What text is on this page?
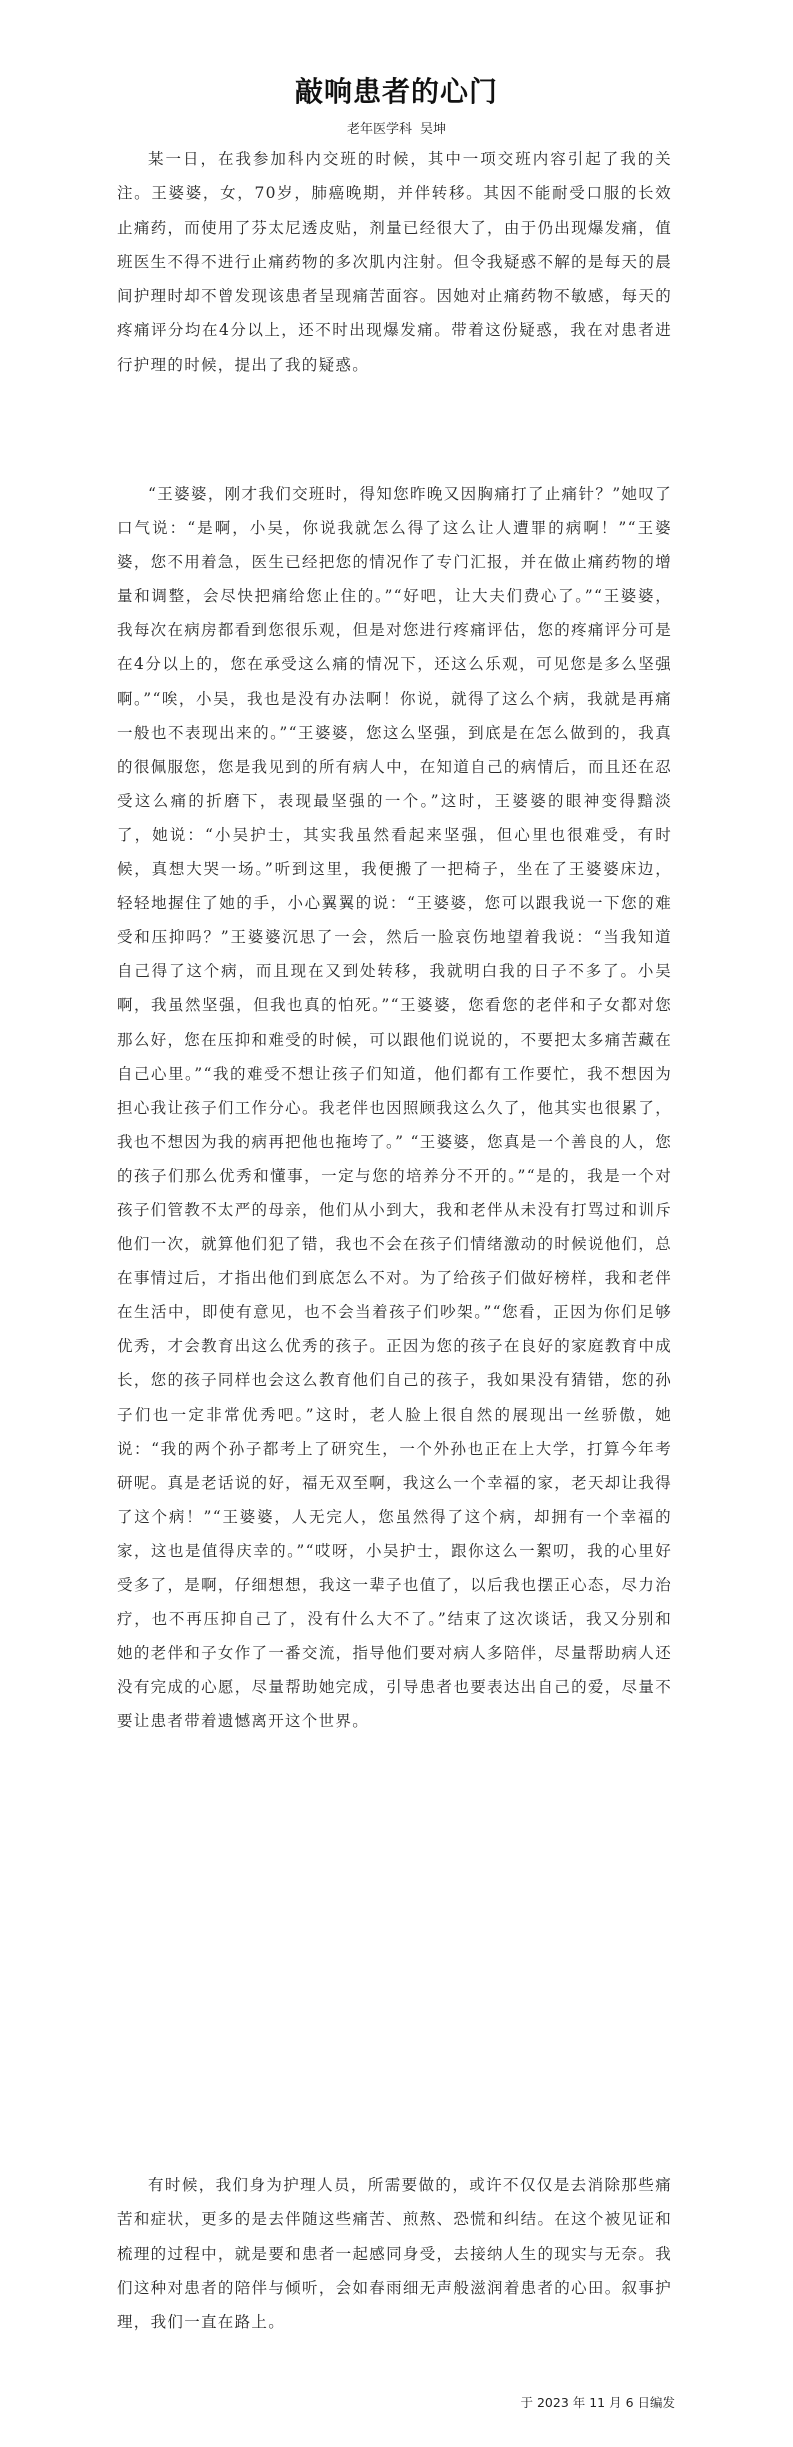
敲响患者的心门
老年医学科 吴坤

某一日，在我参加科内交班的时候，其中一项交班内容引起了我的关注。王婆婆，女，70岁，肺癌晚期，并伴转移。其因不能耐受口服的长效止痛药，而使用了芬太尼透皮贴，剂量已经很大了，由于仍出现爆发痛，值班医生不得不进行止痛药物的多次肌内注射。但令我疑惑不解的是每天的晨间护理时却不曾发现该患者呈现痛苦面容。因她对止痛药物不敏感，每天的疼痛评分均在4分以上，还不时出现爆发痛。带着这份疑惑，我在对患者进行护理的时候，提出了我的疑惑。

“王婆婆，刚才我们交班时，得知您昨晚又因胸痛打了止痛针？”她叹了口气说：“是啊，小吴，你说我就怎么得了这么让人遭罪的病啊！”“王婆婆，您不用着急，医生已经把您的情况作了专门汇报，并在做止痛药物的增量和调整，会尽快把痛给您止住的。”“好吧，让大夫们费心了。”“王婆婆，我每次在病房都看到您很乐观，但是对您进行疼痛评估，您的疼痛评分可是在4分以上的，您在承受这么痛的情况下，还这么乐观，可见您是多么坚强啊。”“唉，小吴，我也是没有办法啊！你说，就得了这么个病，我就是再痛一般也不表现出来的。”“王婆婆，您这么坚强，到底是在怎么做到的，我真的很佩服您，您是我见到的所有病人中，在知道自己的病情后，而且还在忍受这么痛的折磨下，表现最坚强的一个。”这时，王婆婆的眼神变得黯淡了，她说：“小吴护士，其实我虽然看起来坚强，但心里也很难受，有时候，真想大哭一场。”听到这里，我便搬了一把椅子，坐在了王婆婆床边，轻轻地握住了她的手，小心翼翼的说：“王婆婆，您可以跟我说一下您的难受和压抑吗？”王婆婆沉思了一会，然后一脸哀伤地望着我说：“当我知道自己得了这个病，而且现在又到处转移，我就明白我的日子不多了。小吴啊，我虽然坚强，但我也真的怕死。”“王婆婆，您看您的老伴和子女都对您那么好，您在压抑和难受的时候，可以跟他们说说的，不要把太多痛苦藏在自己心里。”“我的难受不想让孩子们知道，他们都有工作要忙，我不想因为担心我让孩子们工作分心。我老伴也因照顾我这么久了，他其实也很累了，我也不想因为我的病再把他也拖垮了。” “王婆婆，您真是一个善良的人，您的孩子们那么优秀和懂事，一定与您的培养分不开的。”“是的，我是一个对孩子们管教不太严的母亲，他们从小到大，我和老伴从未没有打骂过和训斥他们一次，就算他们犯了错，我也不会在孩子们情绪激动的时候说他们，总在事情过后，才指出他们到底怎么不对。为了给孩子们做好榜样，我和老伴在生活中，即使有意见，也不会当着孩子们吵架。”“您看，正因为你们足够优秀，才会教育出这么优秀的孩子。正因为您的孩子在良好的家庭教育中成长，您的孩子同样也会这么教育他们自己的孩子，我如果没有猜错，您的孙子们也一定非常优秀吧。”这时，老人脸上很自然的展现出一丝骄傲，她说：“我的两个孙子都考上了研究生，一个外孙也正在上大学，打算今年考研呢。真是老话说的好，福无双至啊，我这么一个幸福的家，老天却让我得了这个病！”“王婆婆，人无完人，您虽然得了这个病，却拥有一个幸福的家，这也是值得庆幸的。”“哎呀，小吴护士，跟你这么一絮叨，我的心里好受多了，是啊，仔细想想，我这一辈子也值了，以后我也摆正心态，尽力治疗，也不再压抑自己了，没有什么大不了。”结束了这次谈话，我又分别和她的老伴和子女作了一番交流，指导他们要对病人多陪伴，尽量帮助病人还没有完成的心愿，尽量帮助她完成，引导患者也要表达出自己的爱，尽量不要让患者带着遗憾离开这个世界。

有时候，我们身为护理人员，所需要做的，或许不仅仅是去消除那些痛苦和症状，更多的是去伴随这些痛苦、煎熬、恐慌和纠结。在这个被见证和梳理的过程中，就是要和患者一起感同身受，去接纳人生的现实与无奈。我们这种对患者的陪伴与倾听，会如春雨细无声般滋润着患者的心田。叙事护理，我们一直在路上。

于 2023 年 11 月 6 日编发
